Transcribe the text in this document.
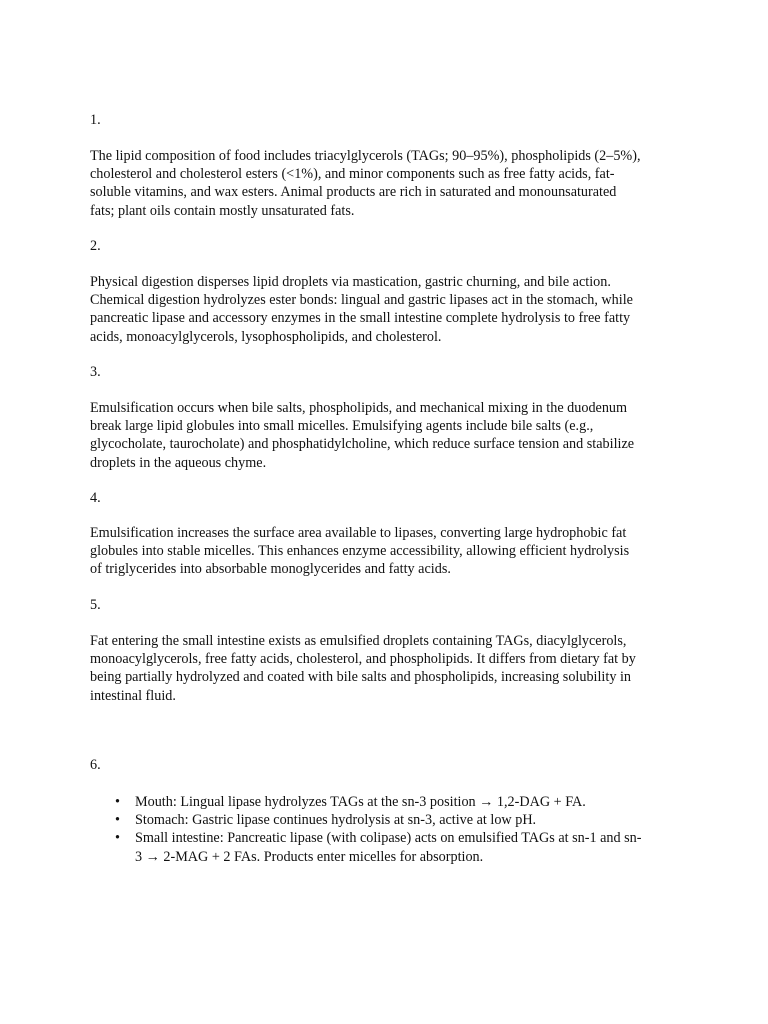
1.

The lipid composition of food includes triacylglycerols (TAGs; 90–95%), phospholipids (2–5%),
cholesterol and cholesterol esters (<1%), and minor components such as free fatty acids, fat-
soluble vitamins, and wax esters. Animal products are rich in saturated and monounsaturated
fats; plant oils contain mostly unsaturated fats.

2.

Physical digestion disperses lipid droplets via mastication, gastric churning, and bile action.
Chemical digestion hydrolyzes ester bonds: lingual and gastric lipases act in the stomach, while
pancreatic lipase and accessory enzymes in the small intestine complete hydrolysis to free fatty
acids, monoacylglycerols, lysophospholipids, and cholesterol.

3.

Emulsification occurs when bile salts, phospholipids, and mechanical mixing in the duodenum
break large lipid globules into small micelles. Emulsifying agents include bile salts (e.g.,
glycocholate, taurocholate) and phosphatidylcholine, which reduce surface tension and stabilize
droplets in the aqueous chyme.

4.

Emulsification increases the surface area available to lipases, converting large hydrophobic fat
globules into stable micelles. This enhances enzyme accessibility, allowing efficient hydrolysis
of triglycerides into absorbable monoglycerides and fatty acids.

5.

Fat entering the small intestine exists as emulsified droplets containing TAGs, diacylglycerols,
monoacylglycerols, free fatty acids, cholesterol, and phospholipids. It differs from dietary fat by
being partially hydrolyzed and coated with bile salts and phospholipids, increasing solubility in
intestinal fluid.

6.

• Mouth: Lingual lipase hydrolyzes TAGs at the sn-3 position → 1,2-DAG + FA.
• Stomach: Gastric lipase continues hydrolysis at sn-3, active at low pH.
• Small intestine: Pancreatic lipase (with colipase) acts on emulsified TAGs at sn-1 and sn-
3 → 2-MAG + 2 FAs. Products enter micelles for absorption.
